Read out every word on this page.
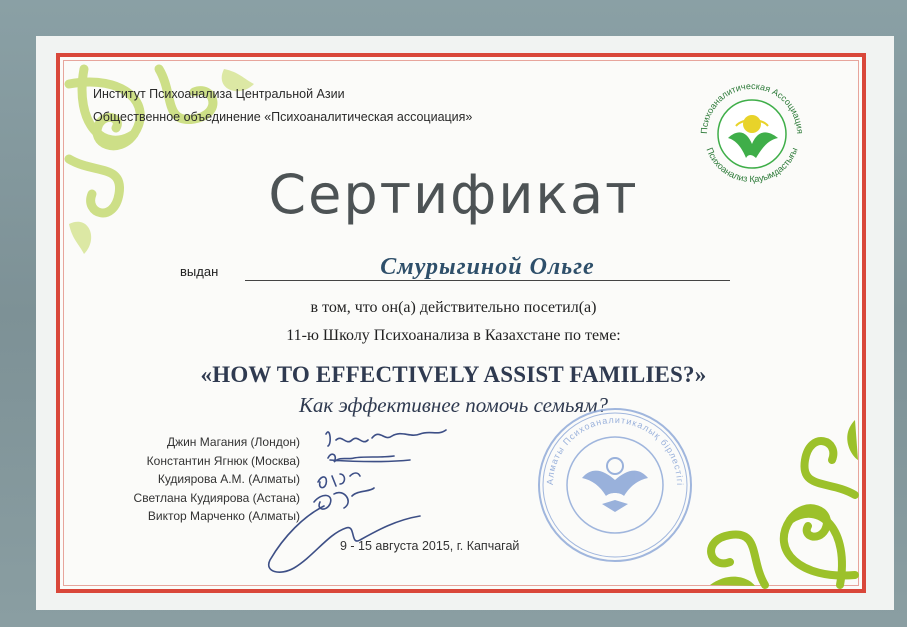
Институт Психоанализа Центральной Азии
Общественное объединение «Психоаналитическая ассоциация»
Психоаналитическая Ассоциация
Психоанализ Қауымдастығы
Сертификат
выдан	Смурыгиной Ольге
в том, что он(а) действительно посетил(а)
11-ю Школу Психоанализа в Казахстане по теме:
«HOW TO EFFECTIVELY ASSIST FAMILIES?»
Как эффективнее помочь семьям?
Алматы Психоаналитикалық бірлестігі
Джин Магания (Лондон)
Константин Ягнюк (Москва)
Кудиярова А.М. (Алматы)
Светлана Кудиярова (Астана)
Виктор Марченко (Алматы)
9 - 15 августа 2015, г. Капчагай
